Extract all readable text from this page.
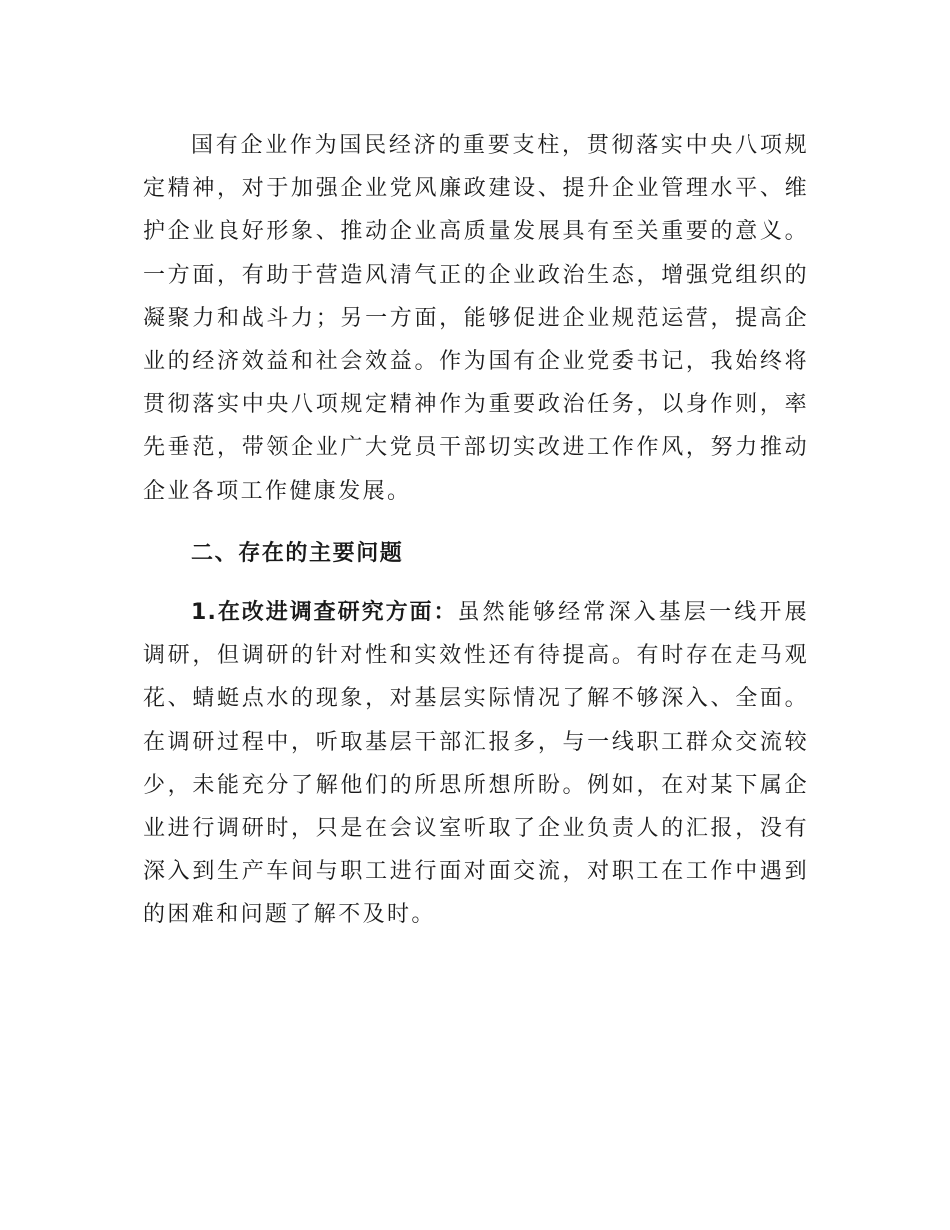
国有企业作为国民经济的重要支柱，贯彻落实中央八项规定精神，对于加强企业党风廉政建设、提升企业管理水平、维护企业良好形象、推动企业高质量发展具有至关重要的意义。一方面，有助于营造风清气正的企业政治生态，增强党组织的凝聚力和战斗力；另一方面，能够促进企业规范运营，提高企业的经济效益和社会效益。作为国有企业党委书记，我始终将贯彻落实中央八项规定精神作为重要政治任务，以身作则，率先垂范，带领企业广大党员干部切实改进工作作风，努力推动企业各项工作健康发展。

二、存在的主要问题

1.在改进调查研究方面：虽然能够经常深入基层一线开展调研，但调研的针对性和实效性还有待提高。有时存在走马观花、蜻蜓点水的现象，对基层实际情况了解不够深入、全面。在调研过程中，听取基层干部汇报多，与一线职工群众交流较少，未能充分了解他们的所思所想所盼。例如，在对某下属企业进行调研时，只是在会议室听取了企业负责人的汇报，没有深入到生产车间与职工进行面对面交流，对职工在工作中遇到的困难和问题了解不及时。
